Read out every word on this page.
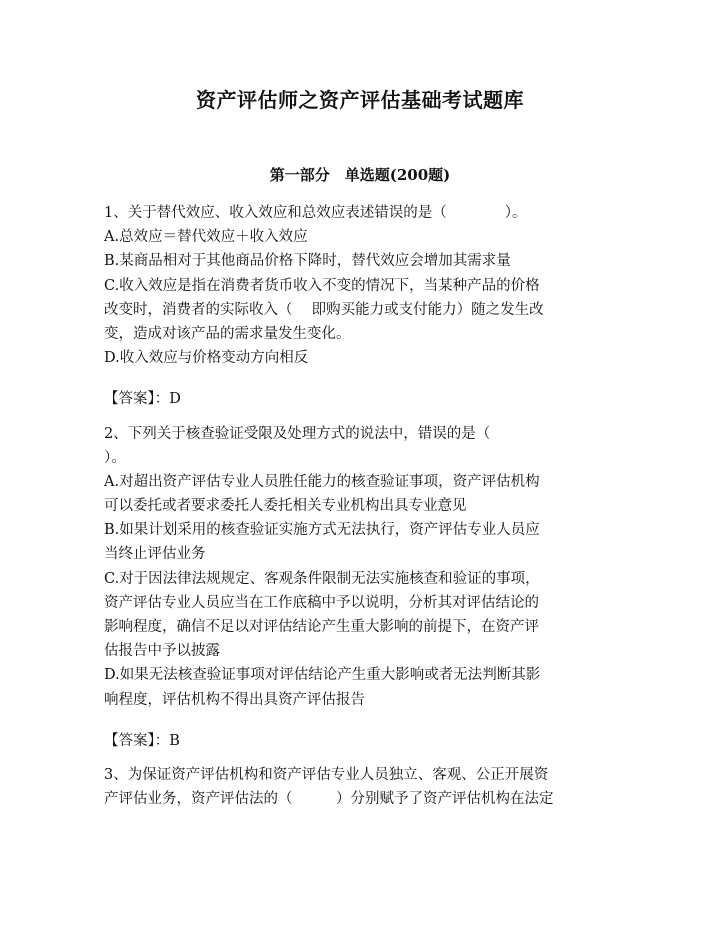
资产评估师之资产评估基础考试题库
第一部分　单选题(200题)
1、关于替代效应、收入效应和总效应表述错误的是（　　　　）。
A.总效应＝替代效应＋收入效应
B.某商品相对于其他商品价格下降时，替代效应会增加其需求量
C.收入效应是指在消费者货币收入不变的情况下，当某种产品的价格
改变时，消费者的实际收入（　 即购买能力或支付能力）随之发生改
变，造成对该产品的需求量发生变化。
D.收入效应与价格变动方向相反
【答案】：D
2、下列关于核查验证受限及处理方式的说法中，错误的是（
）。
A.对超出资产评估专业人员胜任能力的核查验证事项，资产评估机构
可以委托或者要求委托人委托相关专业机构出具专业意见
B.如果计划采用的核查验证实施方式无法执行，资产评估专业人员应
当终止评估业务
C.对于因法律法规规定、客观条件限制无法实施核查和验证的事项，
资产评估专业人员应当在工作底稿中予以说明，分析其对评估结论的
影响程度，确信不足以对评估结论产生重大影响的前提下，在资产评
估报告中予以披露
D.如果无法核查验证事项对评估结论产生重大影响或者无法判断其影
响程度，评估机构不得出具资产评估报告
【答案】：B
3、为保证资产评估机构和资产评估专业人员独立、客观、公正开展资
产评估业务，资产评估法的（　　　）分别赋予了资产评估机构在法定
